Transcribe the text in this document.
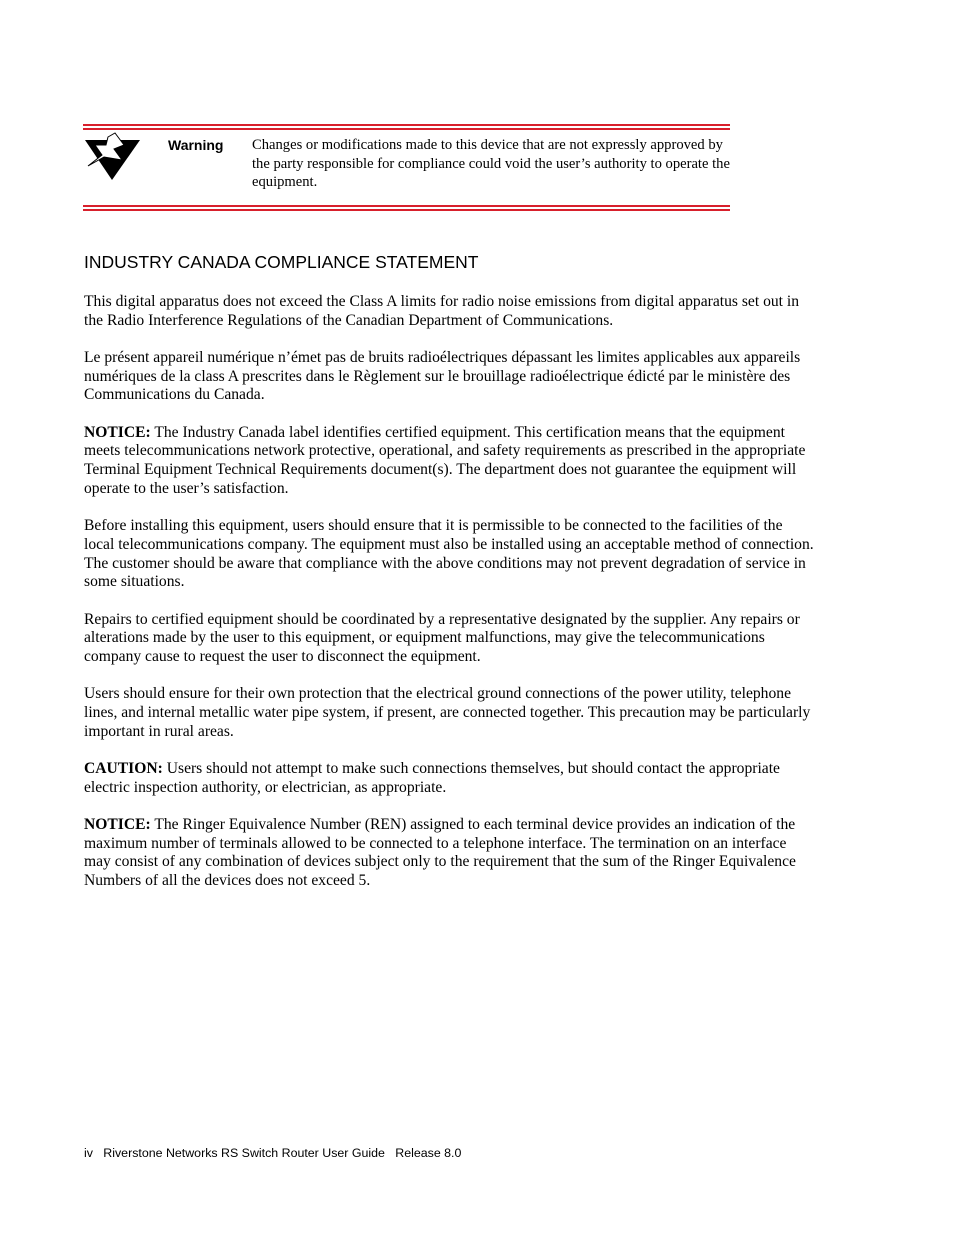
Warning Changes or modifications made to this device that are not expressly approved by the party responsible for compliance could void the user’s authority to operate the equipment.
INDUSTRY CANADA COMPLIANCE STATEMENT

This digital apparatus does not exceed the Class A limits for radio noise emissions from digital apparatus set out in the Radio Interference Regulations of the Canadian Department of Communications.

Le présent appareil numérique n’émet pas de bruits radioélectriques dépassant les limites applicables aux appareils numériques de la class A prescrites dans le Règlement sur le brouillage radioélectrique édicté par le ministère des Communications du Canada.

NOTICE: The Industry Canada label identifies certified equipment. This certification means that the equipment meets telecommunications network protective, operational, and safety requirements as prescribed in the appropriate Terminal Equipment Technical Requirements document(s). The department does not guarantee the equipment will operate to the user’s satisfaction.

Before installing this equipment, users should ensure that it is permissible to be connected to the facilities of the local telecommunications company. The equipment must also be installed using an acceptable method of connection. The customer should be aware that compliance with the above conditions may not prevent degradation of service in some situations.

Repairs to certified equipment should be coordinated by a representative designated by the supplier. Any repairs or alterations made by the user to this equipment, or equipment malfunctions, may give the telecommunications company cause to request the user to disconnect the equipment.

Users should ensure for their own protection that the electrical ground connections of the power utility, telephone lines, and internal metallic water pipe system, if present, are connected together. This precaution may be particularly important in rural areas.

CAUTION: Users should not attempt to make such connections themselves, but should contact the appropriate electric inspection authority, or electrician, as appropriate.

NOTICE: The Ringer Equivalence Number (REN) assigned to each terminal device provides an indication of the maximum number of terminals allowed to be connected to a telephone interface. The termination on an interface may consist of any combination of devices subject only to the requirement that the sum of the Ringer Equivalence Numbers of all the devices does not exceed 5.

iv Riverstone Networks RS Switch Router User Guide Release 8.0
